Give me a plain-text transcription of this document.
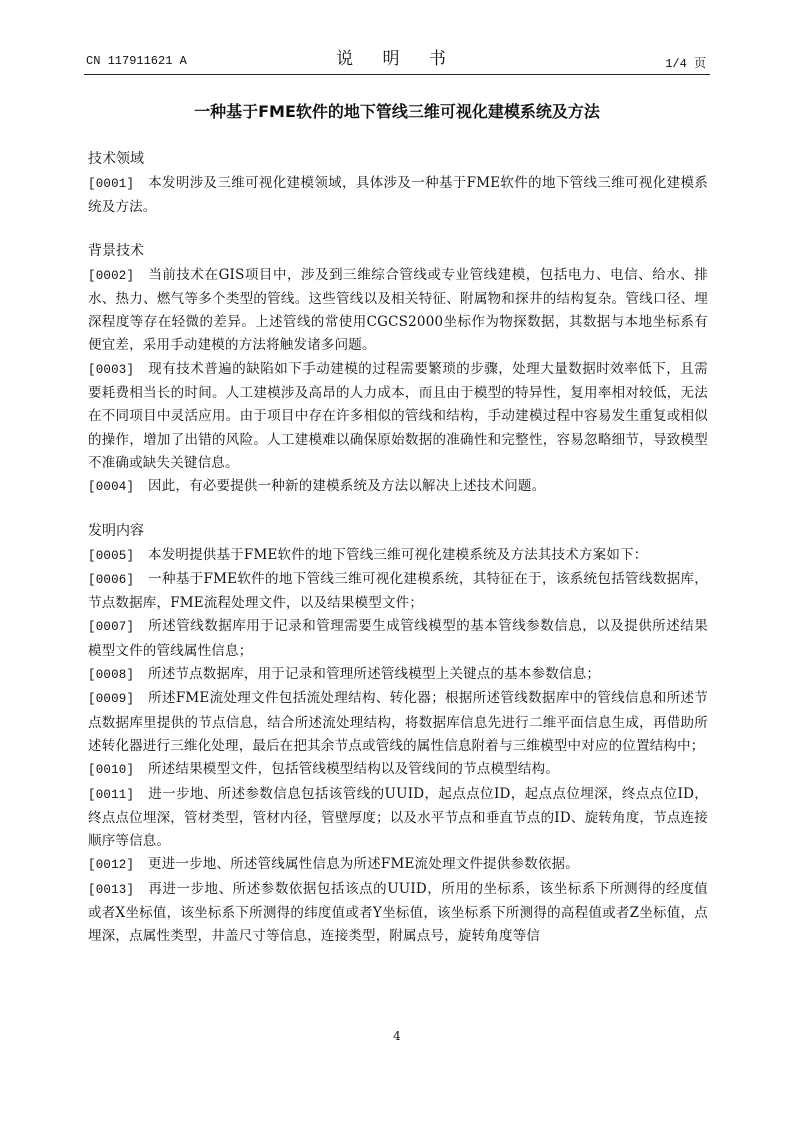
CN 117911621 A	说 明 书	1/4 页
一种基于FME软件的地下管线三维可视化建模系统及方法
技术领域
[0001] 本发明涉及三维可视化建模领域，具体涉及一种基于FME软件的地下管线三维可视化建模系统及方法。
背景技术
[0002] 当前技术在GIS项目中，涉及到三维综合管线或专业管线建模，包括电力、电信、给水、排水、热力、燃气等多个类型的管线。这些管线以及相关特征、附属物和探井的结构复杂。管线口径、埋深程度等存在轻微的差异。上述管线的常使用CGCS2000坐标作为物探数据，其数据与本地坐标系有便宜差，采用手动建模的方法将触发诸多问题。
[0003] 现有技术普遍的缺陷如下手动建模的过程需要繁琐的步骤，处理大量数据时效率低下，且需要耗费相当长的时间。人工建模涉及高昂的人力成本，而且由于模型的特异性，复用率相对较低，无法在不同项目中灵活应用。由于项目中存在许多相似的管线和结构，手动建模过程中容易发生重复或相似的操作，增加了出错的风险。人工建模难以确保原始数据的准确性和完整性，容易忽略细节，导致模型不准确或缺失关键信息。
[0004] 因此，有必要提供一种新的建模系统及方法以解决上述技术问题。
发明内容
[0005] 本发明提供基于FME软件的地下管线三维可视化建模系统及方法其技术方案如下：
[0006] 一种基于FME软件的地下管线三维可视化建模系统，其特征在于，该系统包括管线数据库，节点数据库，FME流程处理文件，以及结果模型文件；
[0007] 所述管线数据库用于记录和管理需要生成管线模型的基本管线参数信息，以及提供所述结果模型文件的管线属性信息；
[0008] 所述节点数据库，用于记录和管理所述管线模型上关键点的基本参数信息；
[0009] 所述FME流处理文件包括流处理结构、转化器；根据所述管线数据库中的管线信息和所述节点数据库里提供的节点信息，结合所述流处理结构，将数据库信息先进行二维平面信息生成，再借助所述转化器进行三维化处理，最后在把其余节点或管线的属性信息附着与三维模型中对应的位置结构中；
[0010] 所述结果模型文件，包括管线模型结构以及管线间的节点模型结构。
[0011] 进一步地、所述参数信息包括该管线的UUID，起点点位ID，起点点位埋深，终点点位ID，终点点位埋深，管材类型，管材内径，管壁厚度；以及水平节点和垂直节点的ID、旋转角度，节点连接顺序等信息。
[0012] 更进一步地、所述管线属性信息为所述FME流处理文件提供参数依据。
[0013] 再进一步地、所述参数依据包括该点的UUID，所用的坐标系，该坐标系下所测得的经度值或者X坐标值，该坐标系下所测得的纬度值或者Y坐标值，该坐标系下所测得的高程值或者Z坐标值，点埋深，点属性类型，井盖尺寸等信息，连接类型，附属点号，旋转角度等信
4
